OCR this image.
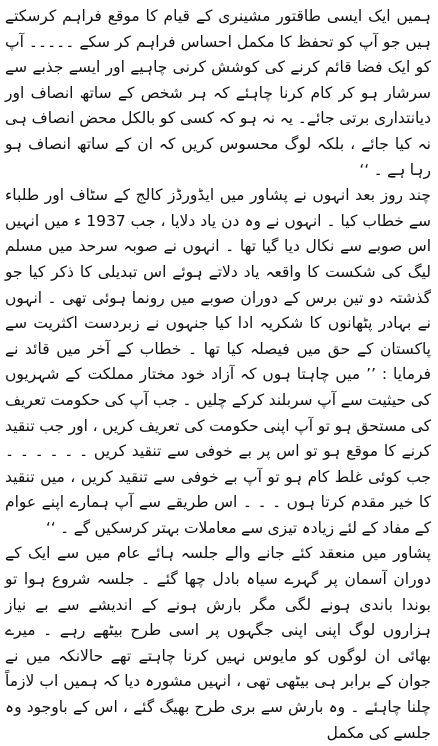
ہمیں ایک ایسی طاقتور مشینری کے قیام کا موقع فراہم کرسکتے ہیں جو آپ کو تحفظ کا مکمل احساس فراہم کر سکے ۔۔۔۔۔ آپ کو ایک فضا قائم کرنے کی کوشش کرنی چاہیے اور ایسے جذبے سے سرشار ہو کر کام کرنا چاہئے کہ ہر شخص کے ساتھ انصاف اور دیانتداری برتی جائے۔ یہ نہ ہو کہ کسی کو بالکل محض انصاف ہی نہ کیا جائے ، بلکہ لوگ محسوس کریں کہ ان کے ساتھ انصاف ہو رہا ہے ۔ ‘‘

چند روز بعد انہوں نے پشاور میں ایڈورڈز کالج کے سٹاف اور طلباء سے خطاب کیا ۔ انہوں نے وہ دن یاد دلایا ، جب 1937 ء میں انہیں اس صوبے سے نکال دیا گیا تھا ۔ انہوں نے صوبہ سرحد میں مسلم لیگ کی شکست کا واقعہ یاد دلاتے ہوئے اس تبدیلی کا ذکر کیا جو گذشتہ دو تین برس کے دوران صوبے میں رونما ہوئی تھی ۔ انہوں نے بہادر پٹھانوں کا شکریہ ادا کیا جنہوں نے زبردست اکثریت سے پاکستان کے حق میں فیصلہ کیا تھا ۔ خطاب کے آخر میں قائد نے فرمایا : ’’ میں چاہتا ہوں کہ آزاد خود مختار مملکت کے شہریوں کی حیثیت سے آپ سربلند کرکے چلیں ۔ جب آپ کی حکومت تعریف کی مستحق ہو تو آپ اپنی حکومت کی تعریف کریں ، اور جب تنقید کرنے کا موقع ہو تو اس پر بے خوفی سے تنقید کریں ۔ ۔ ۔ ۔ ۔ ۔ جب کوئی غلط کام ہو تو آپ بے خوفی سے تنقید کریں ، میں تنقید کا خیر مقدم کرتا ہوں ۔ ۔ ۔ اس طریقے سے آپ ہمارے اپنے عوام کے مفاد کے لئے زیادہ تیزی سے معاملات بہتر کرسکیں گے ۔ ‘‘

پشاور میں منعقد کئے جانے والے جلسہ ہائے عام میں سے ایک کے دوران آسمان پر گہرے سیاہ بادل چھا گئے ۔ جلسہ شروع ہوا تو بوندا باندی ہونے لگی مگر بارش ہونے کے اندیشے سے بے نیاز ہزاروں لوگ اپنی اپنی جگہوں پر اسی طرح بیٹھے رہے ۔ میرے بھائی ان لوگوں کو مایوس نہیں کرنا چاہتے تھے حالانکہ میں نے جوان کے برابر ہی بیٹھی تھی ، انہیں مشورہ دیا کہ ہمیں اب لازماً چلنا چاہئے ۔ وہ بارش سے بری طرح بھیگ گئے ، اس کے باوجود وہ جلسے کی مکمل
